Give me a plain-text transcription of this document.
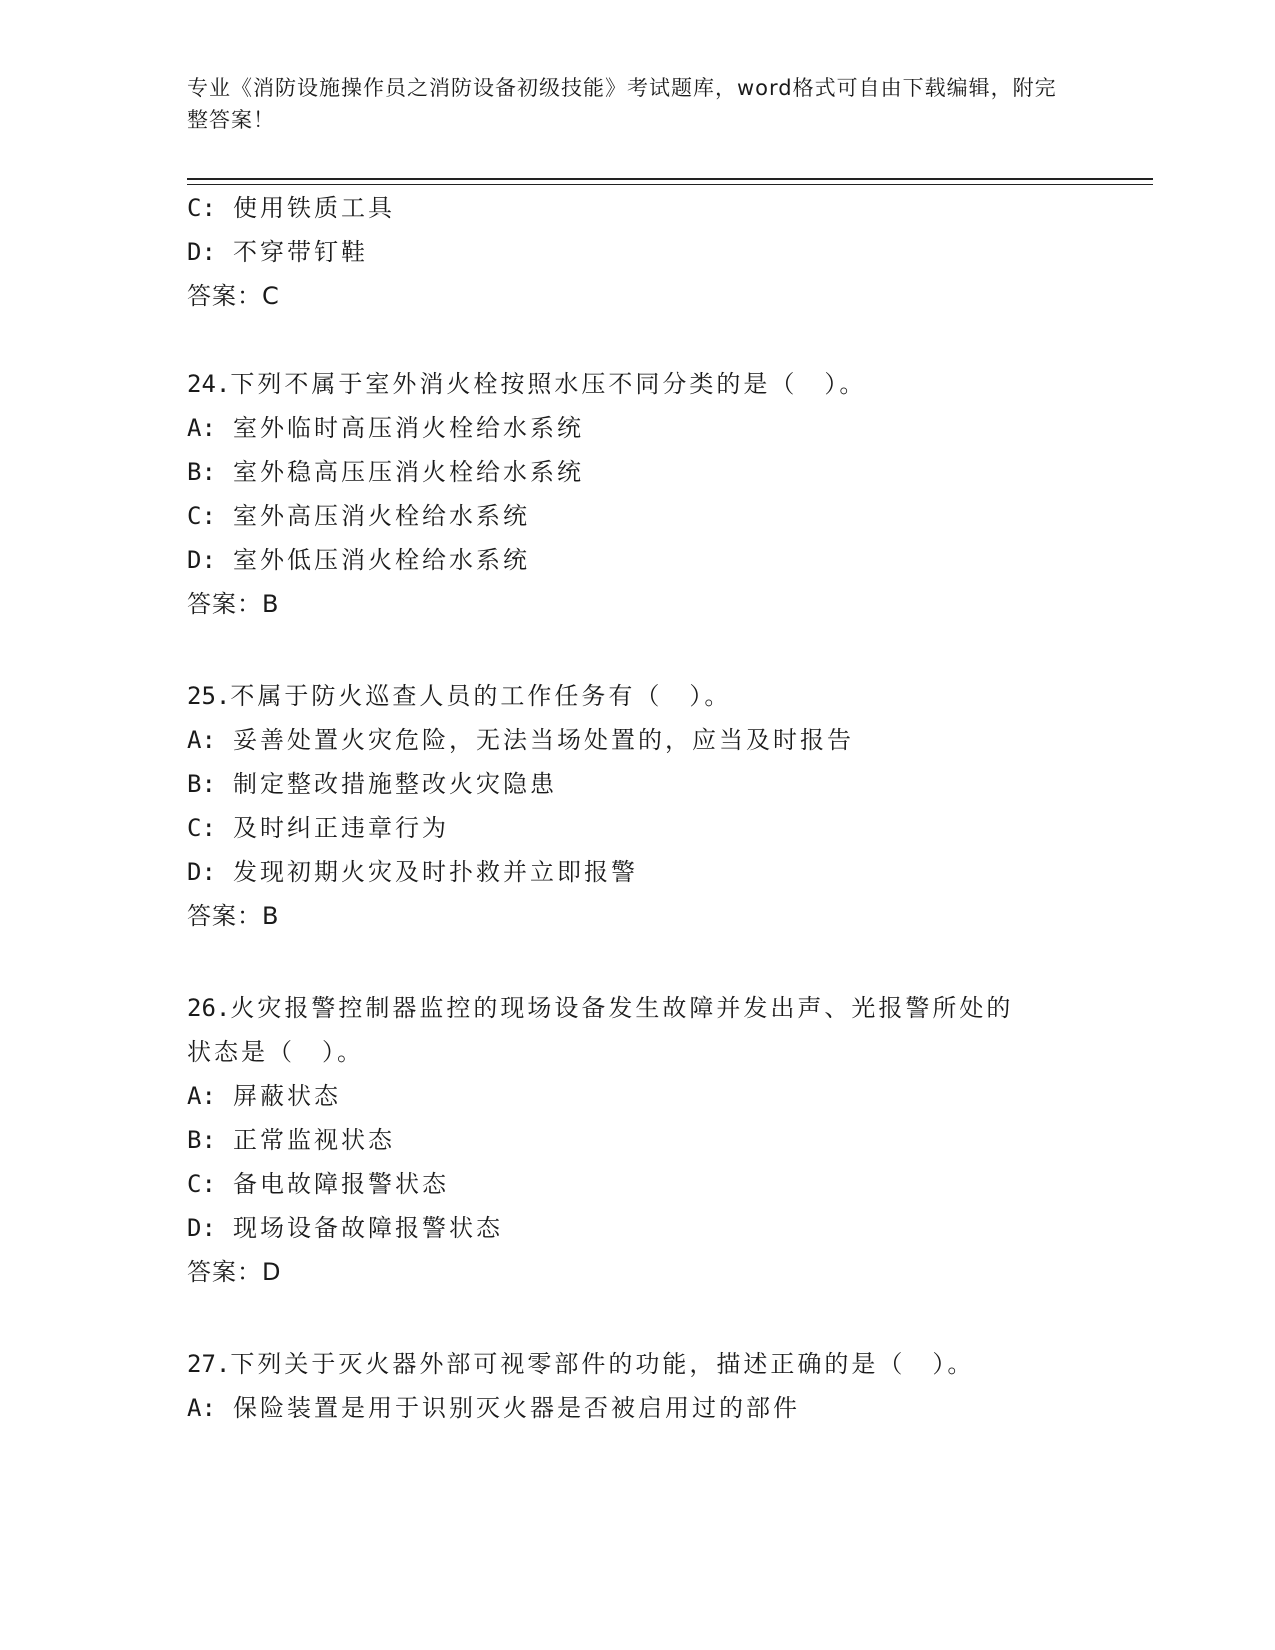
专业《消防设施操作员之消防设备初级技能》考试题库，word格式可自由下载编辑，附完整答案！
C: 使用铁质工具
D: 不穿带钉鞋
答案：C
24.下列不属于室外消火栓按照水压不同分类的是（　）。
A: 室外临时高压消火栓给水系统
B: 室外稳高压压消火栓给水系统
C: 室外高压消火栓给水系统
D: 室外低压消火栓给水系统
答案：B
25.不属于防火巡查人员的工作任务有（　）。
A: 妥善处置火灾危险，无法当场处置的，应当及时报告
B: 制定整改措施整改火灾隐患
C: 及时纠正违章行为
D: 发现初期火灾及时扑救并立即报警
答案：B
26.火灾报警控制器监控的现场设备发生故障并发出声、光报警所处的
状态是（　）。
A: 屏蔽状态
B: 正常监视状态
C: 备电故障报警状态
D: 现场设备故障报警状态
答案：D
27.下列关于灭火器外部可视零部件的功能，描述正确的是（　）。
A: 保险装置是用于识别灭火器是否被启用过的部件
